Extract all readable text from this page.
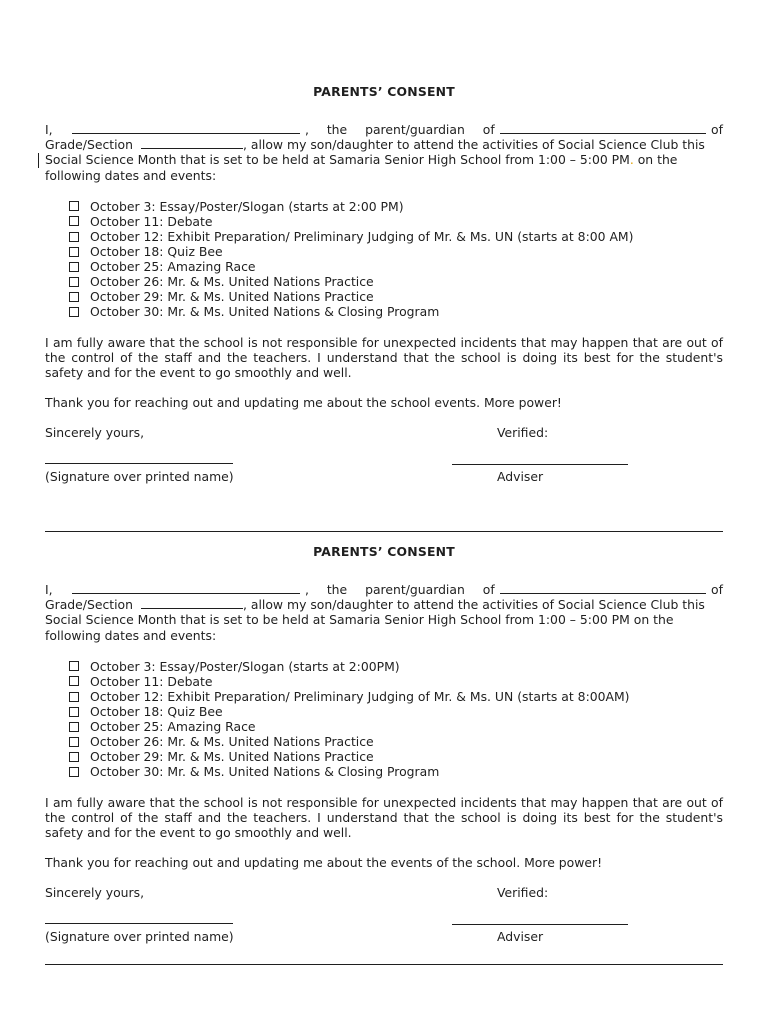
PARENTS’ CONSENT
I,	, the parent/guardian of	of
Grade/Section	, allow my son/daughter to attend the activities of Social Science Club this
Social Science Month that is set to be held at Samaria Senior High School from 1:00 – 5:00 PM. on the
following dates and events:
October 3: Essay/Poster/Slogan (starts at 2:00 PM)
October 11: Debate
October 12: Exhibit Preparation/ Preliminary Judging of Mr. & Ms. UN (starts at 8:00 AM)
October 18: Quiz Bee
October 25: Amazing Race
October 26: Mr. & Ms. United Nations Practice
October 29: Mr. & Ms. United Nations Practice
October 30: Mr. & Ms. United Nations & Closing Program
I am fully aware that the school is not responsible for unexpected incidents that may happen that are out of the control of the staff and the teachers. I understand that the school is doing its best for the student's safety and for the event to go smoothly and well.
Thank you for reaching out and updating me about the school events. More power!
Sincerely yours,	Verified:
(Signature over printed name)	Adviser
PARENTS’ CONSENT
I,	, the parent/guardian of	of
Grade/Section	, allow my son/daughter to attend the activities of Social Science Club this
Social Science Month that is set to be held at Samaria Senior High School from 1:00 – 5:00 PM on the
following dates and events:
October 3: Essay/Poster/Slogan (starts at 2:00PM)
October 11: Debate
October 12: Exhibit Preparation/ Preliminary Judging of Mr. & Ms. UN (starts at 8:00AM)
October 18: Quiz Bee
October 25: Amazing Race
October 26: Mr. & Ms. United Nations Practice
October 29: Mr. & Ms. United Nations Practice
October 30: Mr. & Ms. United Nations & Closing Program
I am fully aware that the school is not responsible for unexpected incidents that may happen that are out of the control of the staff and the teachers. I understand that the school is doing its best for the student's safety and for the event to go smoothly and well.
Thank you for reaching out and updating me about the events of the school. More power!
Sincerely yours,	Verified:
(Signature over printed name)	Adviser
